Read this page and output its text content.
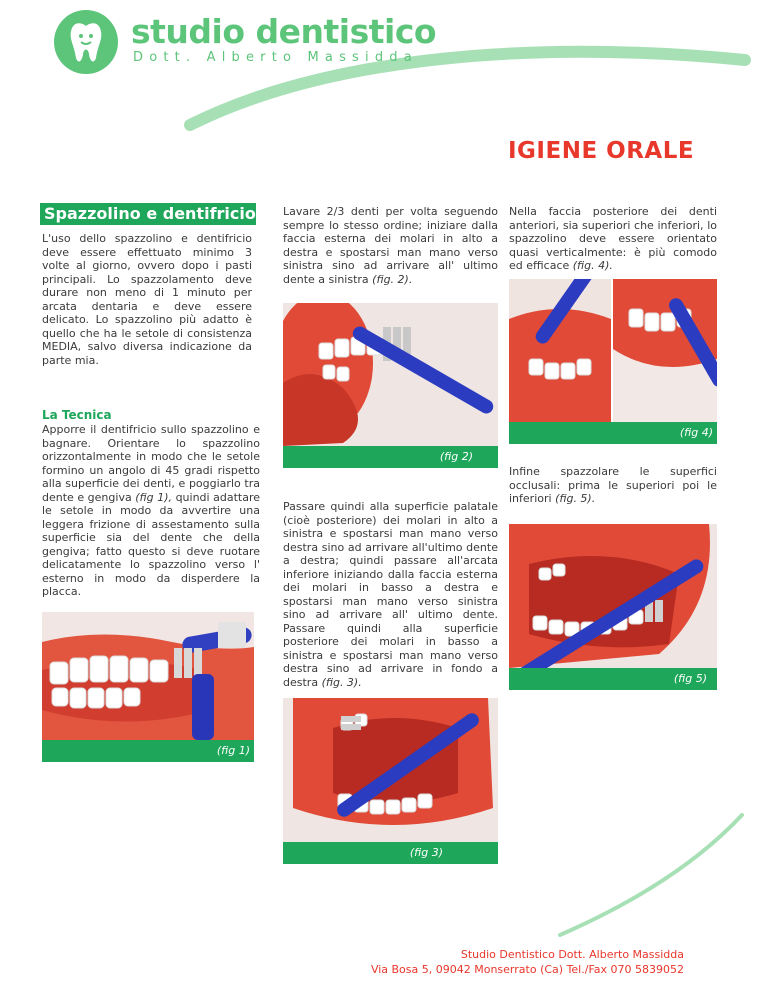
studio dentistico
Dott. Alberto Massidda
IGIENE ORALE
Spazzolino e dentifricio
L'uso dello spazzolino e dentifricio deve essere effettuato minimo 3 volte al giorno, ovvero dopo i pasti principali. Lo spazzolamento deve durare non meno di 1 minuto per arcata dentaria e deve essere delicato. Lo spazzolino più adatto è quello che ha le setole di consistenza MEDIA, salvo diversa indicazione da parte mia.
La Tecnica
Apporre il dentifricio sullo spazzolino e bagnare. Orientare lo spazzolino orizzontalmente in modo che le setole formino un angolo di 45 gradi rispetto alla superficie dei denti, e poggiarlo tra dente e gengiva (fig 1), quindi adattare le setole in modo da avvertire una leggera frizione di assestamento sulla superficie sia del dente che della gengiva; fatto questo si deve ruotare delicatamente lo spazzolino verso l' esterno in modo da disperdere la placca.
(fig 1)
Lavare 2/3 denti per volta seguendo sempre lo stesso ordine; iniziare dalla faccia esterna dei molari in alto a destra e spostarsi man mano verso sinistra sino ad arrivare all' ultimo dente a sinistra (fig. 2).
(fig 2)
Passare quindi alla superficie palatale (cioè posteriore) dei molari in alto a sinistra e spostarsi man mano verso destra sino ad arrivare all'ultimo dente a destra; quindi passare all'arcata inferiore iniziando dalla faccia esterna dei molari in basso a destra e spostarsi man mano verso sinistra sino ad arrivare all' ultimo dente. Passare quindi alla superficie posteriore dei molari in basso a sinistra e spostarsi man mano verso destra sino ad arrivare in fondo a destra (fig. 3).
(fig 3)
Nella faccia posteriore dei denti anteriori, sia superiori che inferiori, lo spazzolino deve essere orientato quasi verticalmente: è più comodo ed efficace (fig. 4).
(fig 4)
Infine spazzolare le superfici occlusali: prima le superiori poi le inferiori (fig. 5).
(fig 5)
Studio Dentistico Dott. Alberto Massidda
Via Bosa 5, 09042 Monserrato (Ca) Tel./Fax 070 5839052
